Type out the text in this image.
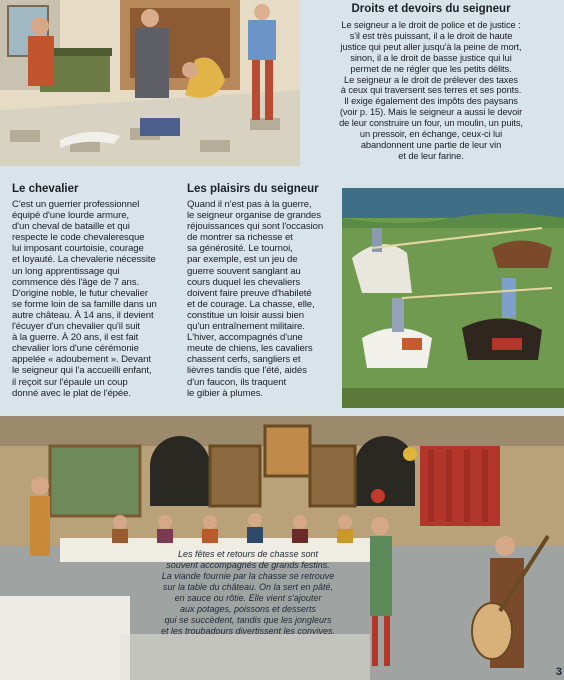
Droits et devoirs du seigneur
Le seigneur a le droit de police et de justice :
s'il est très puissant, il a le droit de haute
justice qui peut aller jusqu'à la peine de mort,
sinon, il a le droit de basse justice qui lui
permet de ne régler que les petits délits.
Le seigneur a le droit de prélever des taxes
à ceux qui traversent ses terres et ses ponts.
Il exige également des impôts des paysans
(voir p. 15). Mais le seigneur a aussi le devoir
de leur construire un four, un moulin, un puits,
un pressoir, en échange, ceux-ci lui
abandonnent une partie de leur vin
et de leur farine.
Le chevalier
C'est un guerrier professionnel
équipé d'une lourde armure,
d'un cheval de bataille et qui
respecte le code chevaleresque
lui imposant courtoisie, courage
et loyauté. La chevalerie nécessite
un long apprentissage qui
commence dès l'âge de 7 ans.
D'origine noble, le futur chevalier
se forme loin de sa famille dans un
autre château. À 14 ans, il devient
l'écuyer d'un chevalier qu'il suit
à la guerre. À 20 ans, il est fait
chevalier lors d'une cérémonie
appelée « adoubement ». Devant
le seigneur qui l'a accueilli enfant,
il reçoit sur l'épaule un coup
donné avec le plat de l'épée.
Les plaisirs du seigneur
Quand il n'est pas à la guerre,
le seigneur organise de grandes
réjouissances qui sont l'occasion
de montrer sa richesse et
sa générosité. Le tournoi,
par exemple, est un jeu de
guerre souvent sanglant au
cours duquel les chevaliers
doivent faire preuve d'habileté
et de courage. La chasse, elle,
constitue un loisir aussi bien
qu'un entraînement militaire.
L'hiver, accompagnés d'une
meute de chiens, les cavaliers
chassent cerfs, sangliers et
lièvres tandis que l'été, aidés
d'un faucon, ils traquent
le gibier à plumes.
Les fêtes et retours de chasse sont
souvent accompagnés de grands festins.
La viande fournie par la chasse se retrouve
sur la table du château. On la sert en pâté,
en sauce ou rôtie. Elle vient s'ajouter
aux potages, poissons et desserts
qui se succèdent, tandis que les jongleurs
et les troubadours divertissent les convives.
3
